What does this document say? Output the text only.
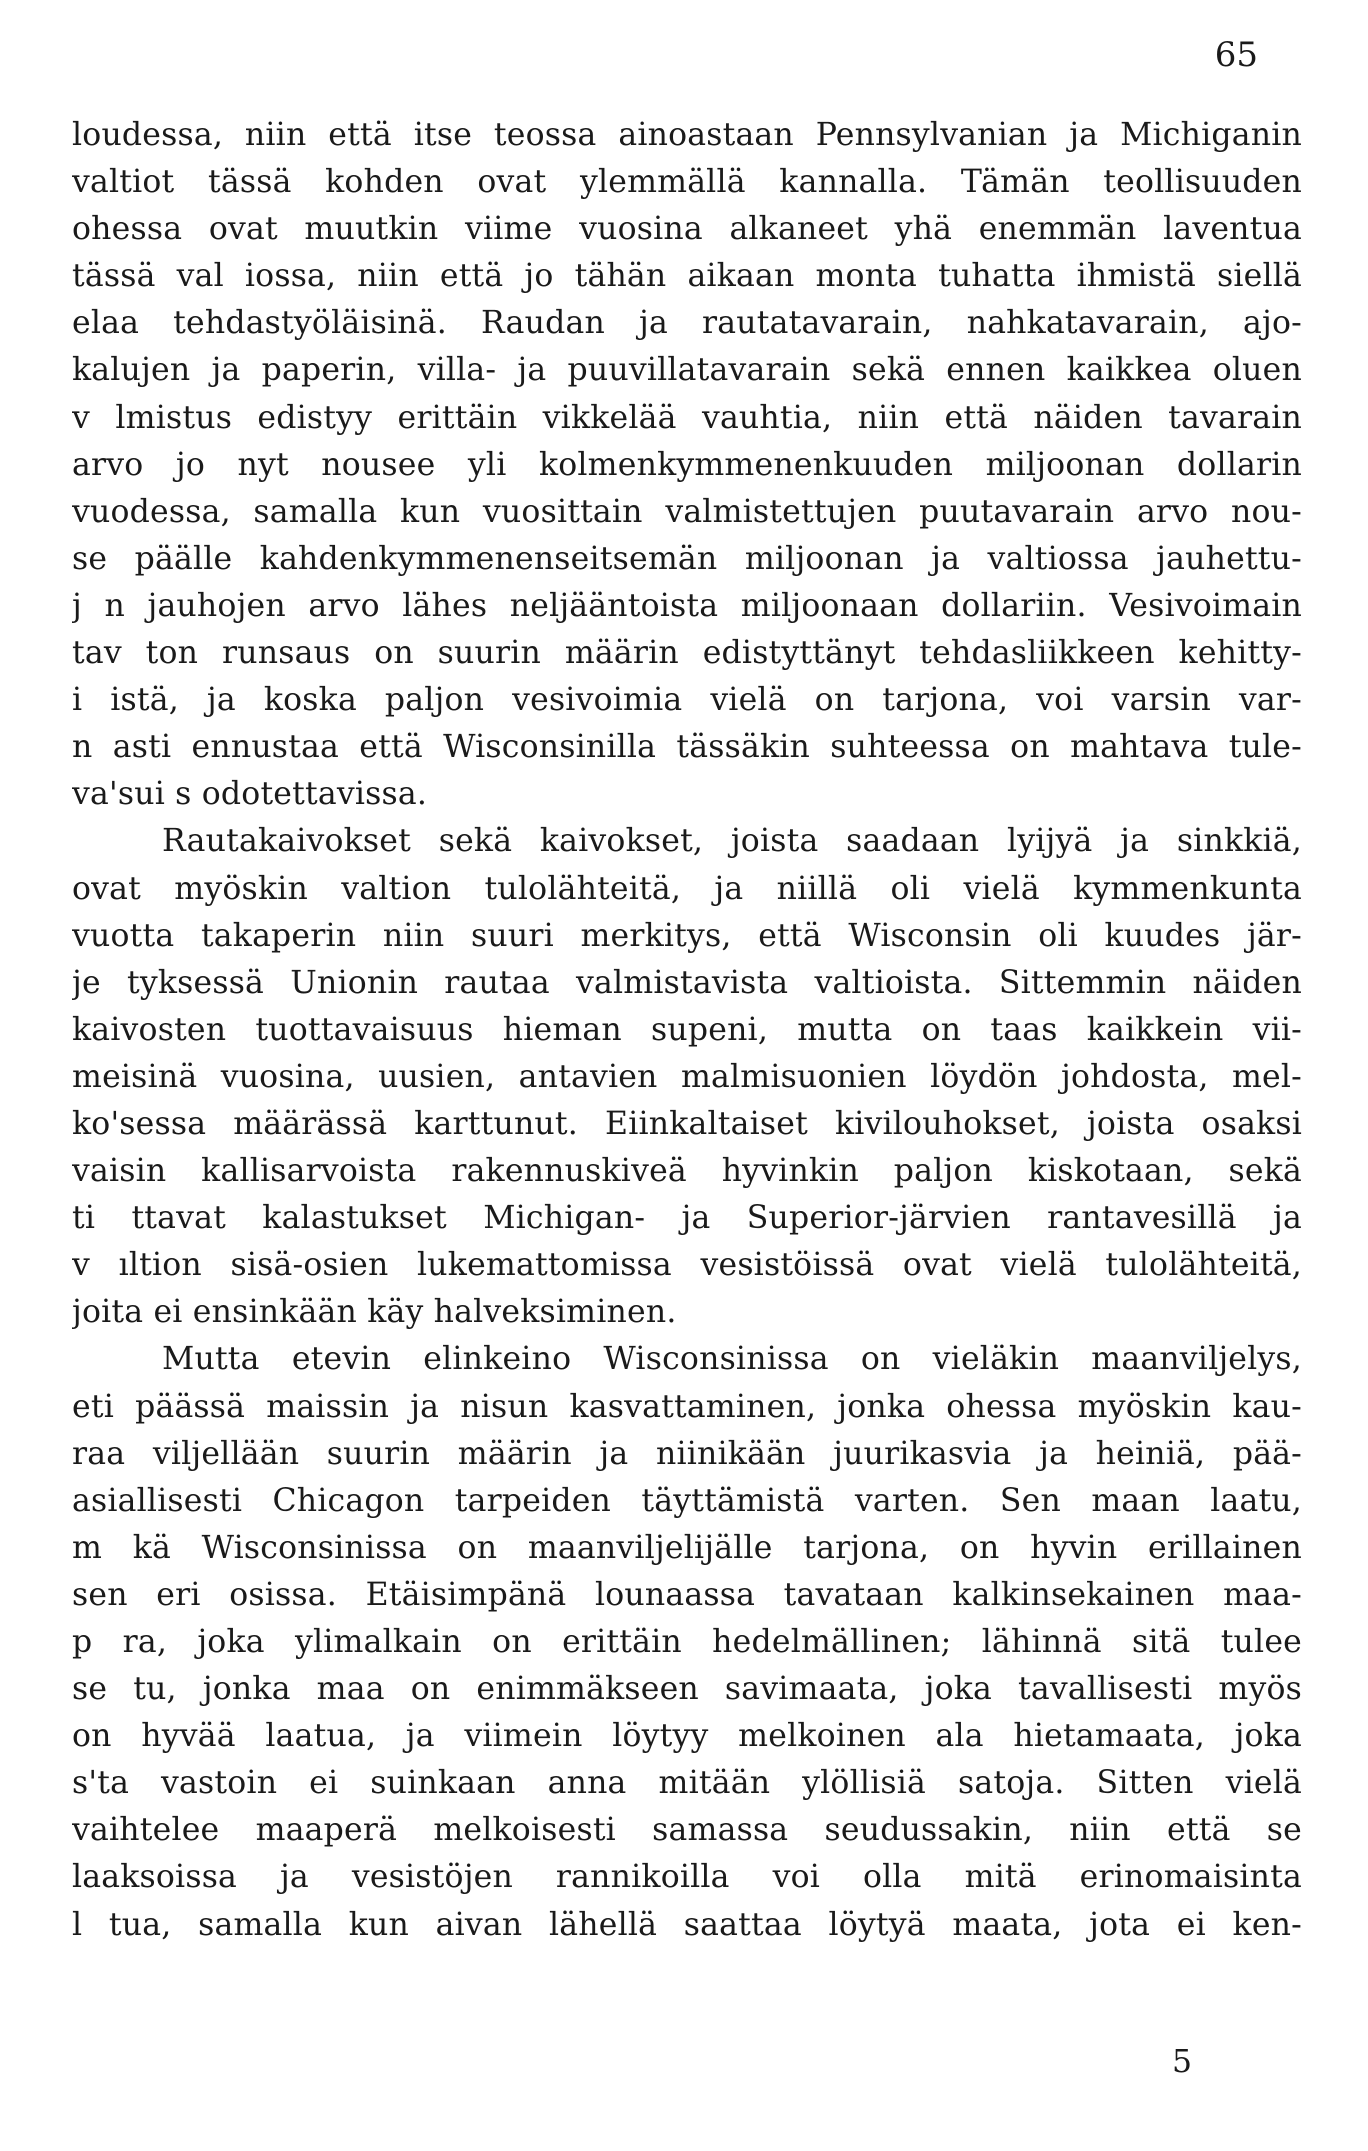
65
loudessa, niin että itse teossa ainoastaan Pennsylvanian ja Michiganin
valtiot tässä kohden ovat ylemmällä kannalla. Tämän teollisuuden
ohessa ovat muutkin viime vuosina alkaneet yhä enemmän laventua
tässä val iossa, niin että jo tähän aikaan monta tuhatta ihmistä siellä
elaa tehdastyöläisinä. Raudan ja rautatavarain, nahkatavarain, ajo-
kalujen ja paperin, villa- ja puuvillatavarain sekä ennen kaikkea oluen
v lmistus edistyy erittäin vikkelää vauhtia, niin että näiden tavarain
arvo jo nyt nousee yli kolmenkymmenenkuuden miljoonan dollarin
vuodessa, samalla kun vuosittain valmistettujen puutavarain arvo nou-
se päälle kahdenkymmenenseitsemän miljoonan ja valtiossa jauhettu-
j n jauhojen arvo lähes neljääntoista miljoonaan dollariin. Vesivoimain
tav ton runsaus on suurin määrin edistyttänyt tehdasliikkeen kehitty-
i istä, ja koska paljon vesivoimia vielä on tarjona, voi varsin var-
n asti ennustaa että Wisconsinilla tässäkin suhteessa on mahtava tule-
va'sui s odotettavissa.
Rautakaivokset sekä kaivokset, joista saadaan lyijyä ja sinkkiä,
ovat myöskin valtion tulolähteitä, ja niillä oli vielä kymmenkunta
vuotta takaperin niin suuri merkitys, että Wisconsin oli kuudes jär-
je tyksessä Unionin rautaa valmistavista valtioista. Sittemmin näiden
kaivosten tuottavaisuus hieman supeni, mutta on taas kaikkein vii-
meisinä vuosina, uusien, antavien malmisuonien löydön johdosta, mel-
ko'sessa määrässä karttunut. Eiinkaltaiset kivilouhokset, joista osaksi
vaisin kallisarvoista rakennuskiveä hyvinkin paljon kiskotaan, sekä
ti ttavat kalastukset Michigan- ja Superior-järvien rantavesillä ja
v ıltion sisä-osien lukemattomissa vesistöissä ovat vielä tulolähteitä,
joita ei ensinkään käy halveksiminen.
Mutta etevin elinkeino Wisconsinissa on vieläkin maanviljelys,
eti päässä maissin ja nisun kasvattaminen, jonka ohessa myöskin kau-
raa viljellään suurin määrin ja niinikään juurikasvia ja heiniä, pää-
asiallisesti Chicagon tarpeiden täyttämistä varten. Sen maan laatu,
m kä Wisconsinissa on maanviljelijälle tarjona, on hyvin erillainen
sen eri osissa. Etäisimpänä lounaassa tavataan kalkinsekainen maa-
p ra, joka ylimalkain on erittäin hedelmällinen; lähinnä sitä tulee
se tu, jonka maa on enimmäkseen savimaata, joka tavallisesti myös
on hyvää laatua, ja viimein löytyy melkoinen ala hietamaata, joka
s'ta vastoin ei suinkaan anna mitään ylöllisiä satoja. Sitten vielä
vaihtelee maaperä melkoisesti samassa seudussakin, niin että se
laaksoissa ja vesistöjen rannikoilla voi olla mitä erinomaisinta
l tua, samalla kun aivan lähellä saattaa löytyä maata, jota ei ken-
5
